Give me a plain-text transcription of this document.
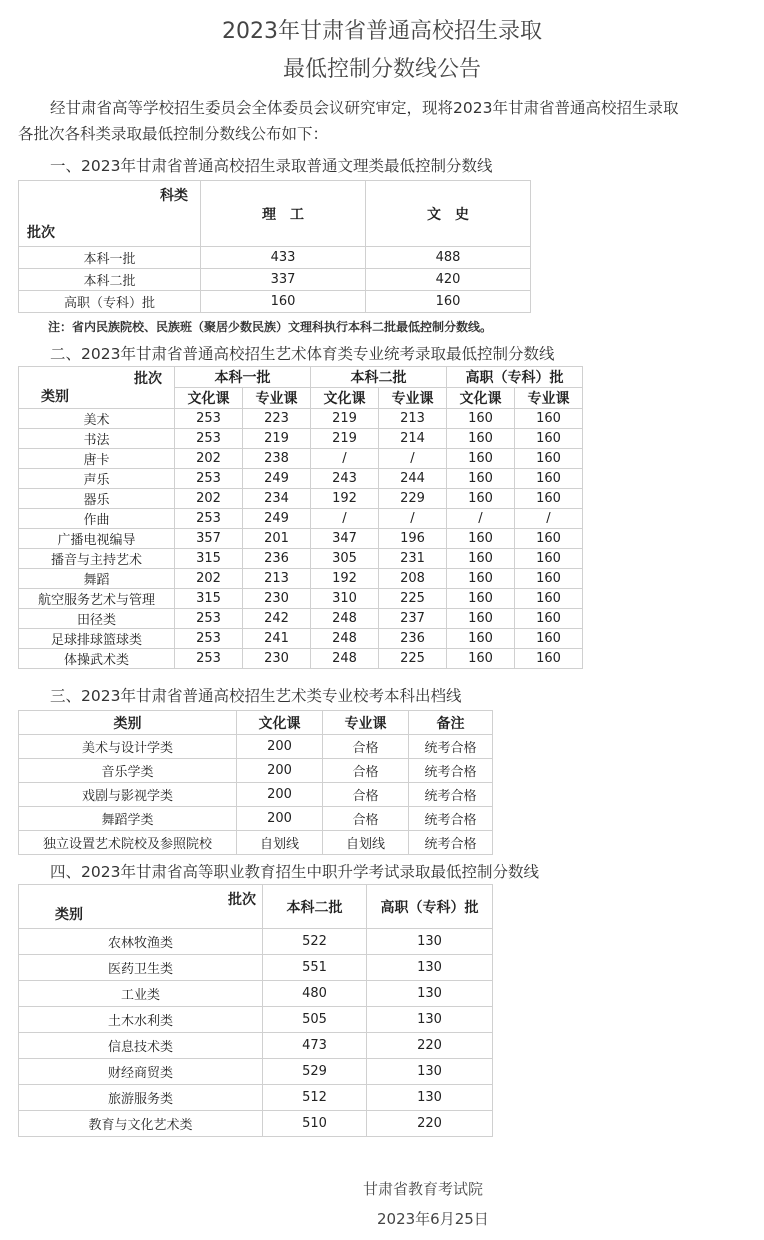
2023年甘肃省普通高校招生录取
最低控制分数线公告
经甘肃省高等学校招生委员会全体委员会议研究审定，现将2023年甘肃省普通高校招生录取
各批次各科类录取最低控制分数线公布如下：
一、2023年甘肃省普通高校招生录取普通文理类最低控制分数线
科类
批次	理　工	文　史
本科一批	433	488
本科二批	337	420
高职（专科）批	160	160
注：省内民族院校、民族班（聚居少数民族）文理科执行本科二批最低控制分数线。
二、2023年甘肃省普通高校招生艺术体育类专业统考录取最低控制分数线
批次
类别	本科一批		本科二批		高职（专科）批	
	文化课	专业课	文化课	专业课	文化课	专业课
美术	253	223	219	213	160	160
书法	253	219	219	214	160	160
唐卡	202	238	/	/	160	160
声乐	253	249	243	244	160	160
器乐	202	234	192	229	160	160
作曲	253	249	/	/	/	/
广播电视编导	357	201	347	196	160	160
播音与主持艺术	315	236	305	231	160	160
舞蹈	202	213	192	208	160	160
航空服务艺术与管理	315	230	310	225	160	160
田径类	253	242	248	237	160	160
足球排球篮球类	253	241	248	236	160	160
体操武术类	253	230	248	225	160	160
三、2023年甘肃省普通高校招生艺术类专业校考本科出档线
类别	文化课	专业课	备注
美术与设计学类	200	合格	统考合格
音乐学类	200	合格	统考合格
戏剧与影视学类	200	合格	统考合格
舞蹈学类	200	合格	统考合格
独立设置艺术院校及参照院校	自划线	自划线	统考合格
四、2023年甘肃省高等职业教育招生中职升学考试录取最低控制分数线
批次
类别	本科二批	高职（专科）批
农林牧渔类	522	130
医药卫生类	551	130
工业类	480	130
土木水利类	505	130
信息技术类	473	220
财经商贸类	529	130
旅游服务类	512	130
教育与文化艺术类	510	220
甘肃省教育考试院
2023年6月25日
